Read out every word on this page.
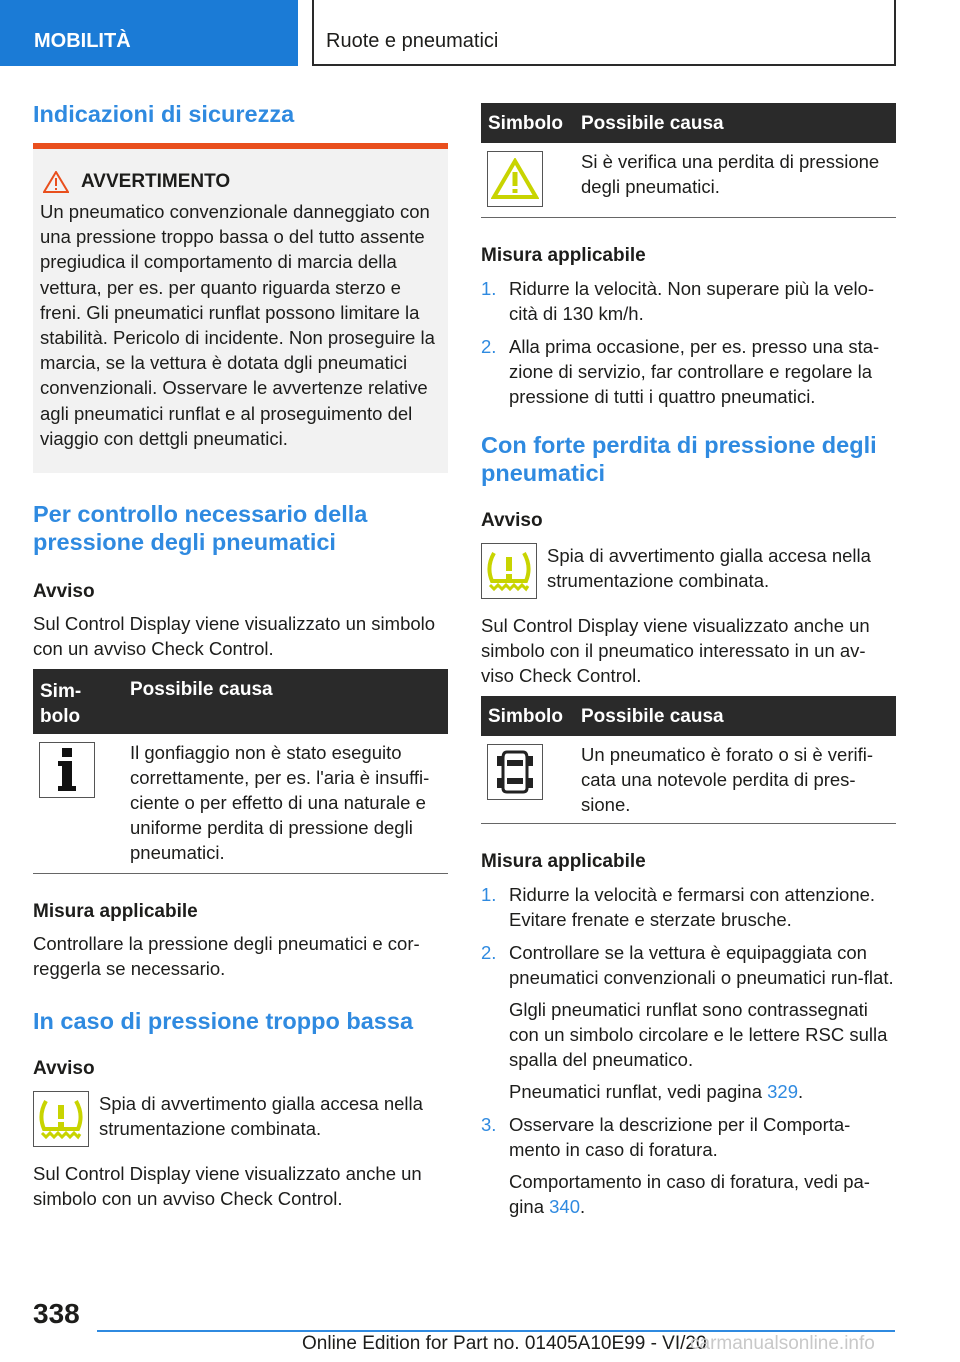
MOBILITÀ	Ruote e pneumatici
Indicazioni di sicurezza
AVVERTIMENTO
Un pneumatico convenzionale danneggiato con una pressione troppo bassa o del tutto assente pregiudica il comportamento di marcia della vettura, per es. per quanto riguarda sterzo e freni. Gli pneumatici runflat possono limitare la stabilità. Pericolo di incidente. Non proseguire la marcia, se la vettura è dotata dgli pneumatici convenzionali. Osservare le avvertenze relative agli pneumatici runflat e al proseguimento del viaggio con dettgli pneumatici.
Per controllo necessario della pressione degli pneumatici
Avviso

Sul Control Display viene visualizzato un simbolo con un avviso Check Control.

Sim-bolo
Possibile causa
Il gonfiaggio non è stato eseguito correttamente, per es. l'aria è insuffi-ciente o per effetto di una naturale e uniforme perdita di pressione degli pneumatici.
Misura applicabile

Controllare la pressione degli pneumatici e cor-reggerla se necessario.

In caso di pressione troppo bassa
Avviso

Spia di avvertimento gialla accesa nella strumentazione combinata.

Sul Control Display viene visualizzato anche un simbolo con un avviso Check Control.

Simbolo Possibile causa
Si è verifica una perdita di pressione degli pneumatici.
Misura applicabile
1. Ridurre la velocità. Non superare più la velo-cità di 130 km/h.
2. Alla prima occasione, per es. presso una sta-zione di servizio, far controllare e regolare la pressione di tutti i quattro pneumatici.
Con forte perdita di pressione degli pneumatici
Avviso

Spia di avvertimento gialla accesa nella strumentazione combinata.

Sul Control Display viene visualizzato anche un simbolo con il pneumatico interessato in un av-viso Check Control.

Simbolo Possibile causa
Un pneumatico è forato o si è verifi-cata una notevole perdita di pres-sione.
Misura applicabile
1. Ridurre la velocità e fermarsi con attenzione. Evitare frenate e sterzate brusche.
2. Controllare se la vettura è equipaggiata con pneumatici convenzionali o pneumatici run-flat.
Glgli pneumatici runflat sono contrassegnati con un simbolo circolare e le lettere RSC sulla spalla del pneumatico.
Pneumatici runflat, vedi pagina 329.
3. Osservare la descrizione per il Comporta-mento in caso di foratura.
Comportamento in caso di foratura, vedi pa-gina 340.
338
Online Edition for Part no. 01405A10E99 - VI/20
carmanualsonline.info
